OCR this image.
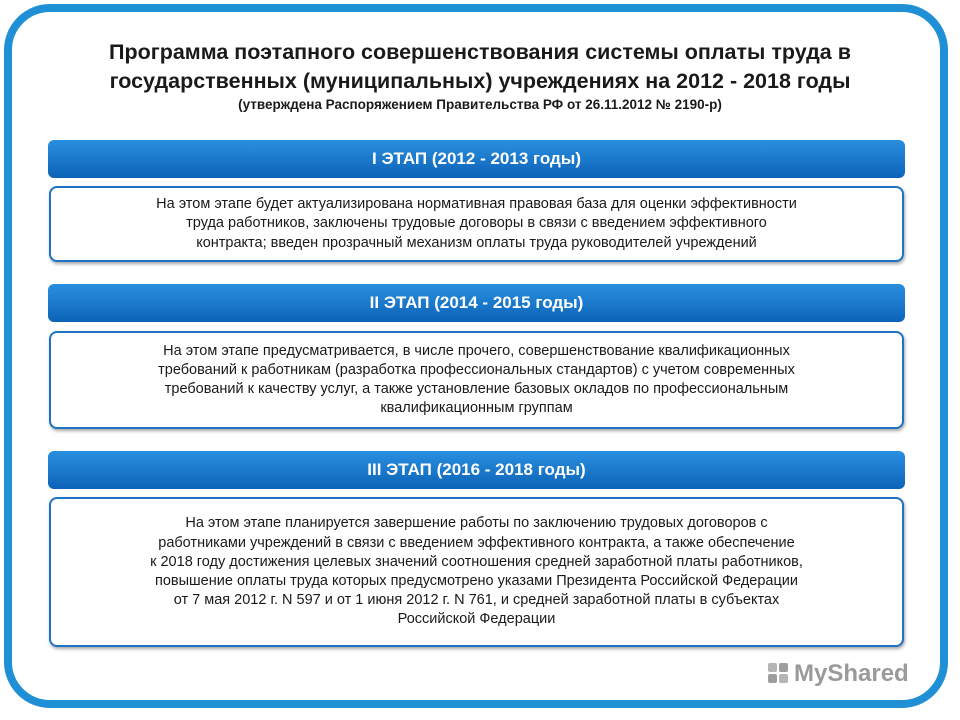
Программа поэтапного совершенствования системы оплаты труда в
государственных (муниципальных) учреждениях на 2012 - 2018 годы
(утверждена Распоряжением Правительства РФ от 26.11.2012 № 2190-р)
I ЭТАП (2012 - 2013 годы)
На этом этапе будет актуализирована нормативная правовая база для оценки эффективности
труда работников, заключены трудовые договоры в связи с введением эффективного
контракта; введен прозрачный механизм оплаты труда руководителей учреждений
II ЭТАП (2014 - 2015 годы)
На этом этапе предусматривается, в числе прочего, совершенствование квалификационных
требований к работникам (разработка профессиональных стандартов) с учетом современных
требований к качеству услуг, а также установление базовых окладов по профессиональным
квалификационным группам
III ЭТАП (2016 - 2018 годы)
На этом этапе планируется завершение работы по заключению трудовых договоров с
работниками учреждений в связи с введением эффективного контракта, а также обеспечение
к 2018 году достижения целевых значений соотношения средней заработной платы работников,
повышение оплаты труда которых предусмотрено указами Президента Российской Федерации
от 7 мая 2012 г. N 597 и от 1 июня 2012 г. N 761, и средней заработной платы в субъектах
Российской Федерации
MyShared
